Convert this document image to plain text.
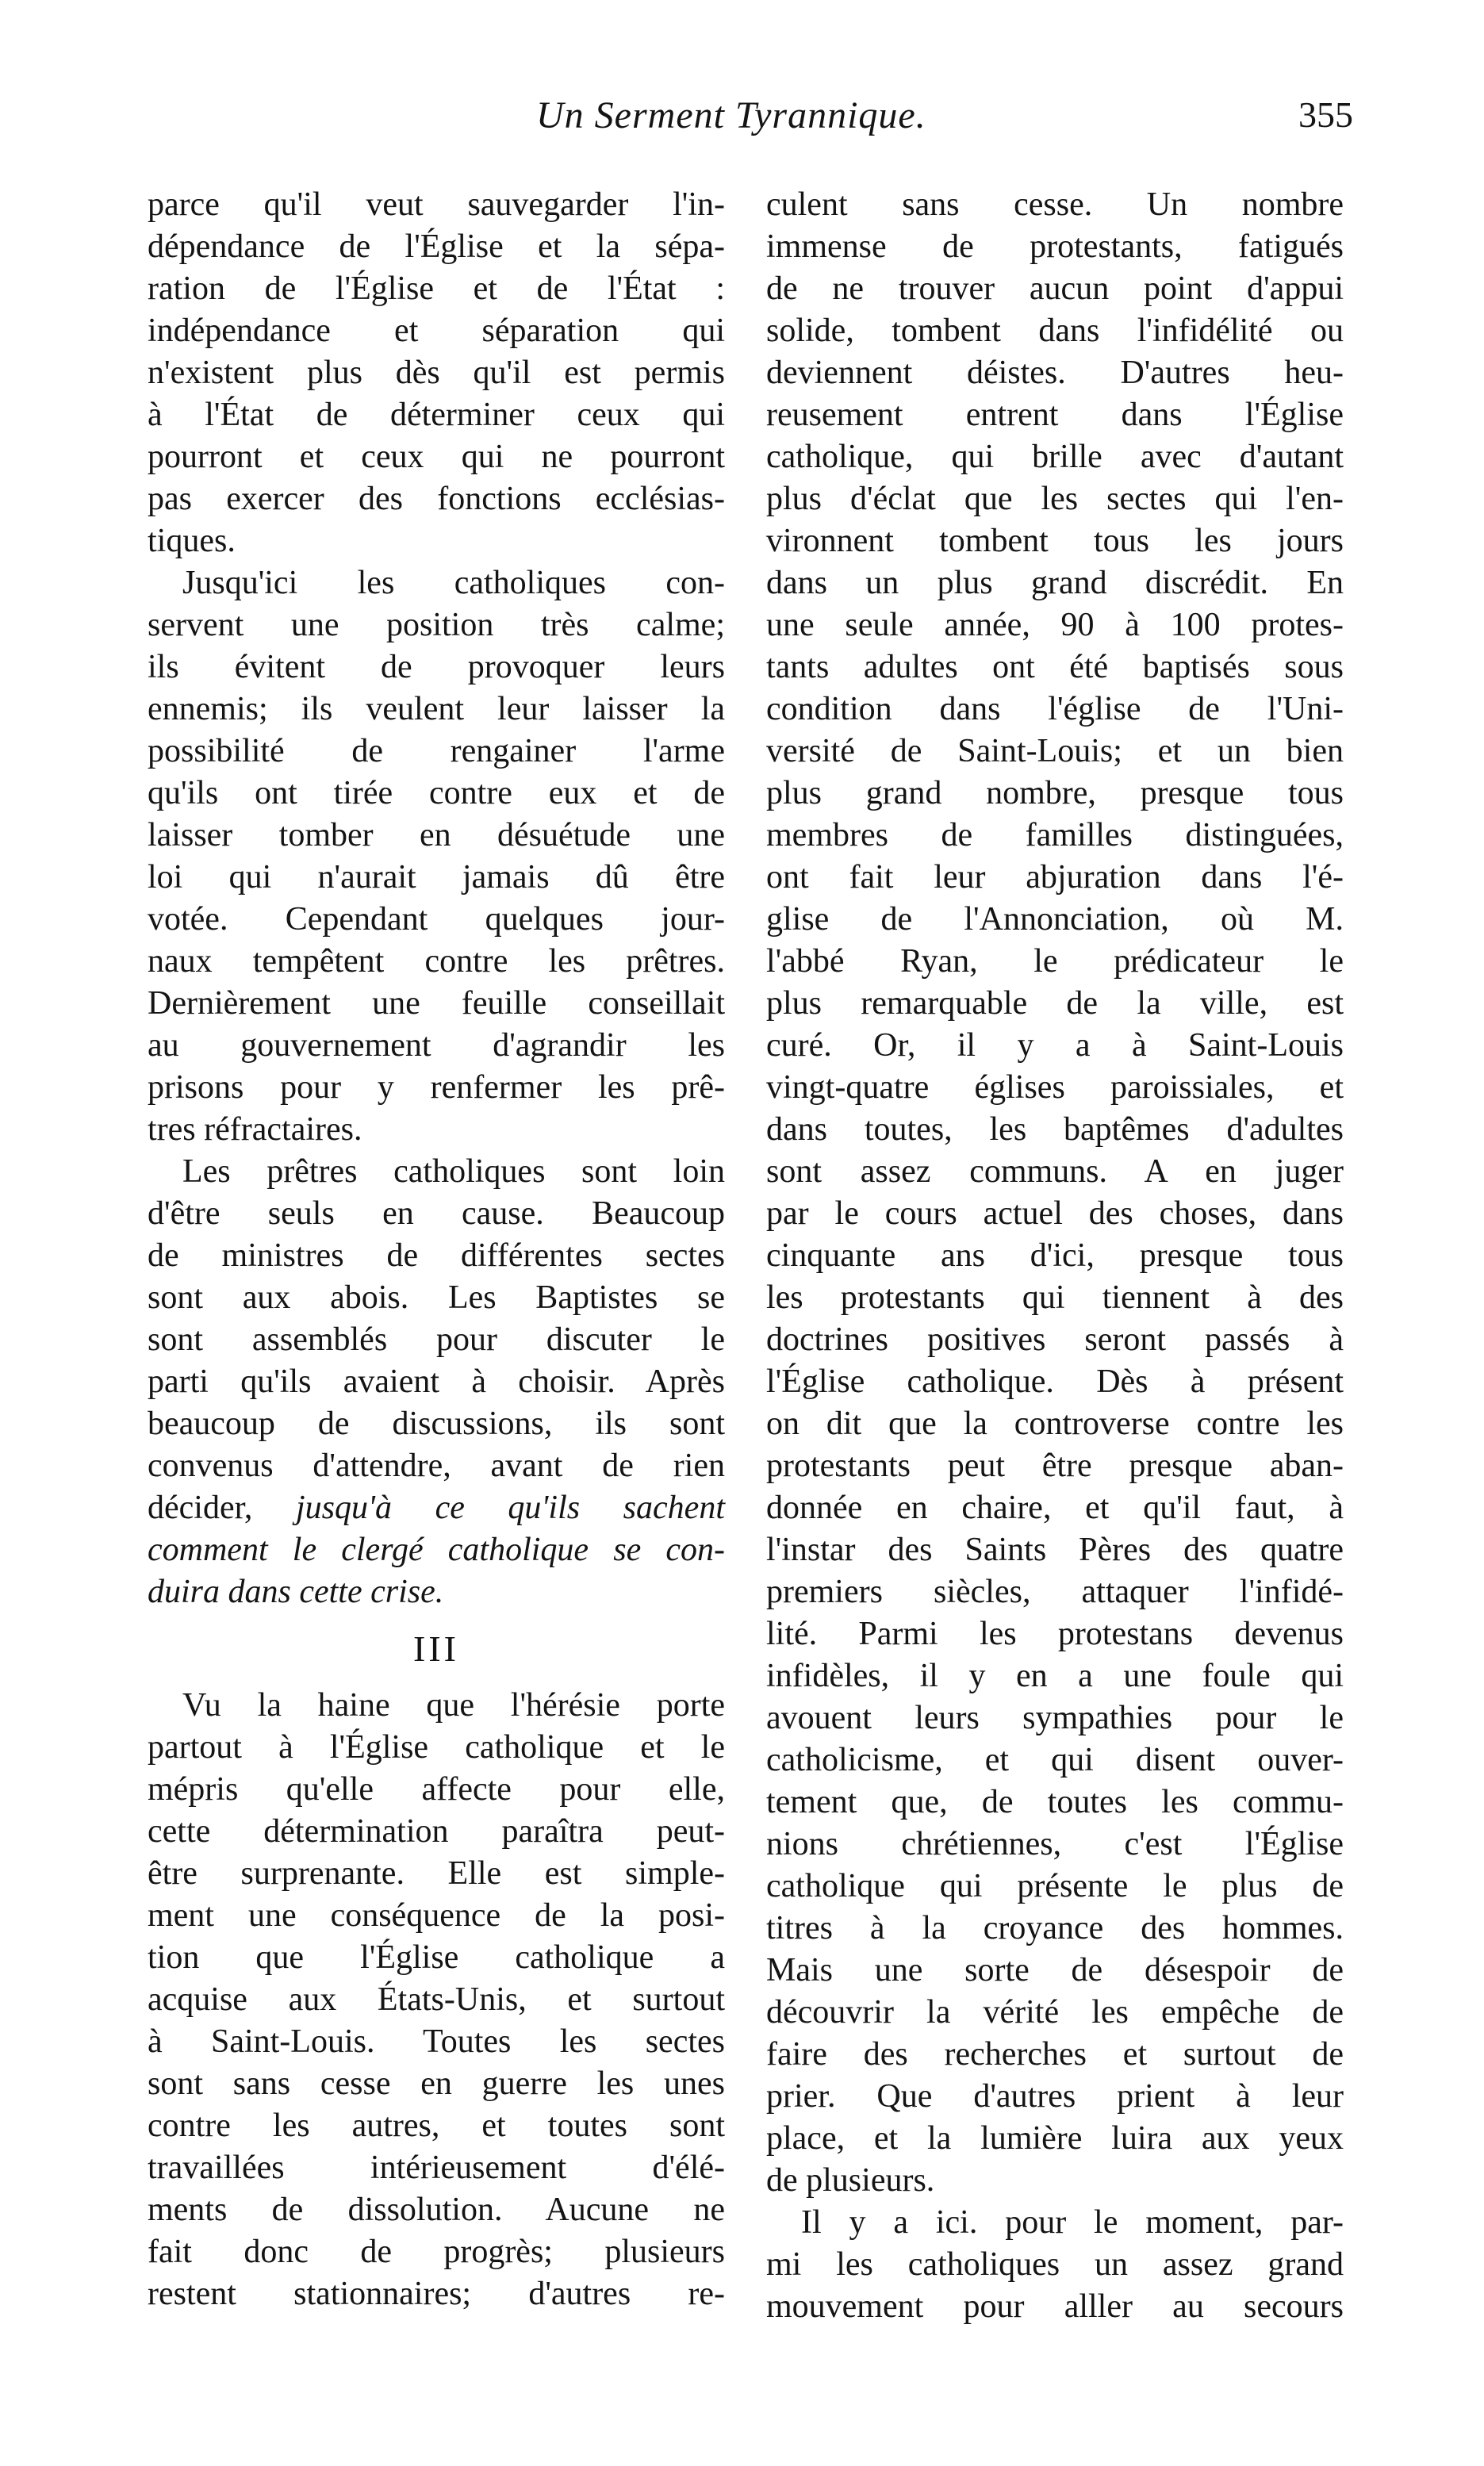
Un Serment Tyrannique.	355
parce qu'il veut sauvegarder l'in-
dépendance de l'Église et la sépa-
ration de l'Église et de l'État :
indépendance et séparation qui
n'existent plus dès qu'il est permis
à l'État de déterminer ceux qui
pourront et ceux qui ne pourront
pas exercer des fonctions ecclésias-
tiques.
Jusqu'ici les catholiques con-
servent une position très calme;
ils évitent de provoquer leurs
ennemis; ils veulent leur laisser la
possibilité de rengainer l'arme
qu'ils ont tirée contre eux et de
laisser tomber en désuétude une
loi qui n'aurait jamais dû être
votée. Cependant quelques jour-
naux tempêtent contre les prêtres.
Dernièrement une feuille conseillait
au gouvernement d'agrandir les
prisons pour y renfermer les prê-
tres réfractaires.
Les prêtres catholiques sont loin
d'être seuls en cause. Beaucoup
de ministres de différentes sectes
sont aux abois. Les Baptistes se
sont assemblés pour discuter le
parti qu'ils avaient à choisir. Après
beaucoup de discussions, ils sont
convenus d'attendre, avant de rien
décider, jusqu'à ce qu'ils sachent
comment le clergé catholique se con-
duira dans cette crise.
III
Vu la haine que l'hérésie porte
partout à l'Église catholique et le
mépris qu'elle affecte pour elle,
cette détermination paraîtra peut-
être surprenante. Elle est simple-
ment une conséquence de la posi-
tion que l'Église catholique a
acquise aux États-Unis, et surtout
à Saint-Louis. Toutes les sectes
sont sans cesse en guerre les unes
contre les autres, et toutes sont
travaillées intérieusement d'élé-
ments de dissolution. Aucune ne
fait donc de progrès; plusieurs
restent stationnaires; d'autres re-
culent sans cesse. Un nombre
immense de protestants, fatigués
de ne trouver aucun point d'appui
solide, tombent dans l'infidélité ou
deviennent déistes. D'autres heu-
reusement entrent dans l'Église
catholique, qui brille avec d'autant
plus d'éclat que les sectes qui l'en-
vironnent tombent tous les jours
dans un plus grand discrédit. En
une seule année, 90 à 100 protes-
tants adultes ont été baptisés sous
condition dans l'église de l'Uni-
versité de Saint-Louis; et un bien
plus grand nombre, presque tous
membres de familles distinguées,
ont fait leur abjuration dans l'é-
glise de l'Annonciation, où M.
l'abbé Ryan, le prédicateur le
plus remarquable de la ville, est
curé. Or, il y a à Saint-Louis
vingt-quatre églises paroissiales, et
dans toutes, les baptêmes d'adultes
sont assez communs. A en juger
par le cours actuel des choses, dans
cinquante ans d'ici, presque tous
les protestants qui tiennent à des
doctrines positives seront passés à
l'Église catholique. Dès à présent
on dit que la controverse contre les
protestants peut être presque aban-
donnée en chaire, et qu'il faut, à
l'instar des Saints Pères des quatre
premiers siècles, attaquer l'infidé-
lité. Parmi les protestans devenus
infidèles, il y en a une foule qui
avouent leurs sympathies pour le
catholicisme, et qui disent ouver-
tement que, de toutes les commu-
nions chrétiennes, c'est l'Église
catholique qui présente le plus de
titres à la croyance des hommes.
Mais une sorte de désespoir de
découvrir la vérité les empêche de
faire des recherches et surtout de
prier. Que d'autres prient à leur
place, et la lumière luira aux yeux
de plusieurs.
Il y a ici. pour le moment, par-
mi les catholiques un assez grand
mouvement pour alller au secours
